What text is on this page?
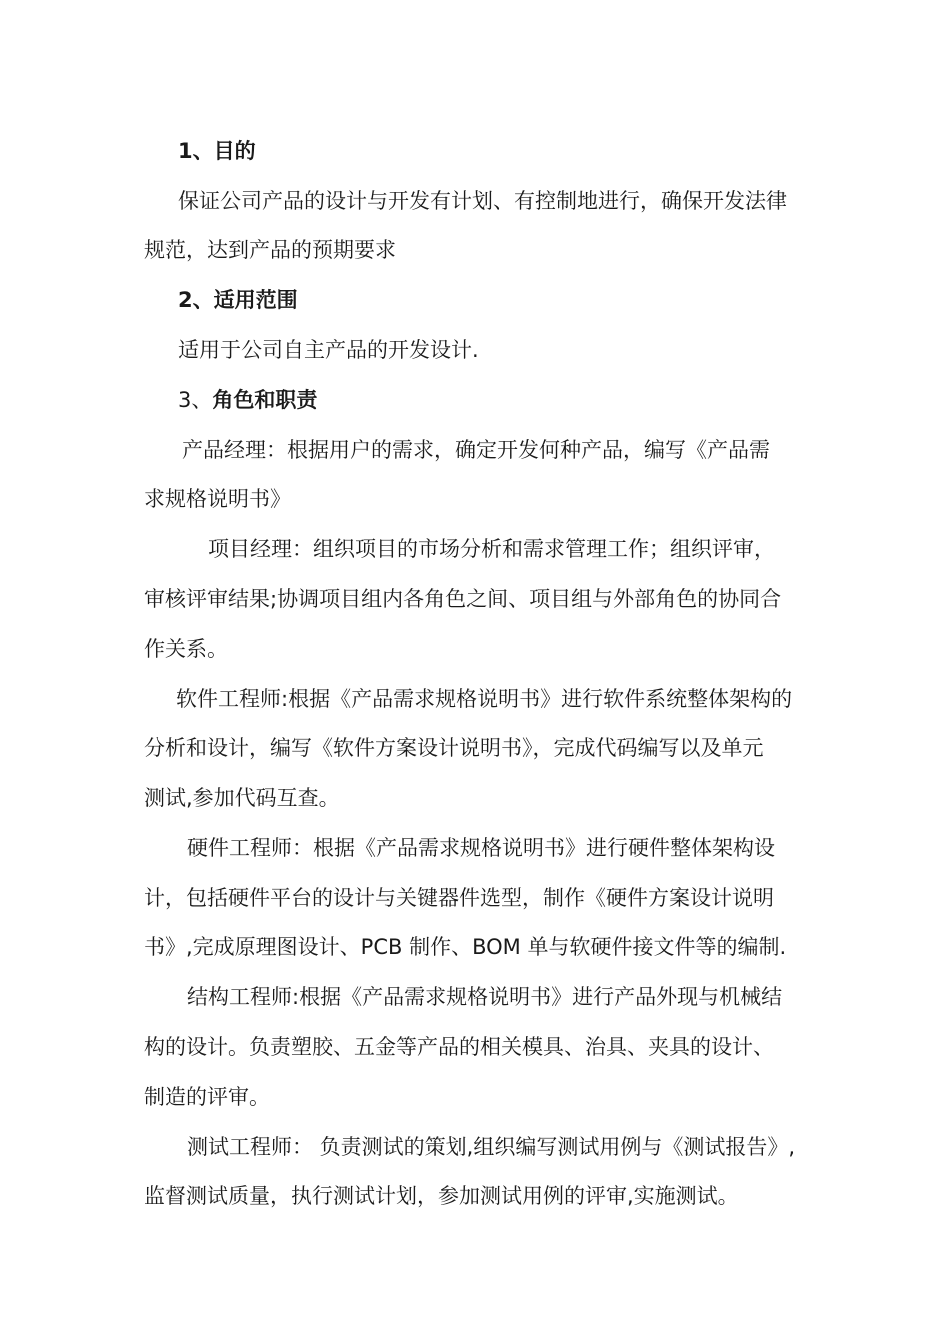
1、目的
保证公司产品的设计与开发有计划、有控制地进行，确保开发法律
规范，达到产品的预期要求
2、适用范围
适用于公司自主产品的开发设计.
3、角色和职责
产品经理：根据用户的需求，确定开发何种产品，编写《产品需
求规格说明书》
项目经理：组织项目的市场分析和需求管理工作；组织评审，
审核评审结果;协调项目组内各角色之间、项目组与外部角色的协同合
作关系。
软件工程师:根据《产品需求规格说明书》进行软件系统整体架构的
分析和设计，编写《软件方案设计说明书》，完成代码编写以及单元
测试,参加代码互查。
硬件工程师：根据《产品需求规格说明书》进行硬件整体架构设
计，包括硬件平台的设计与关键器件选型，制作《硬件方案设计说明
书》,完成原理图设计、PCB 制作、BOM 单与软硬件接文件等的编制.
结构工程师:根据《产品需求规格说明书》进行产品外现与机械结
构的设计。负责塑胶、五金等产品的相关模具、治具、夹具的设计、
制造的评审。
测试工程师： 负责测试的策划,组织编写测试用例与《测试报告》,
监督测试质量，执行测试计划，参加测试用例的评审,实施测试。
